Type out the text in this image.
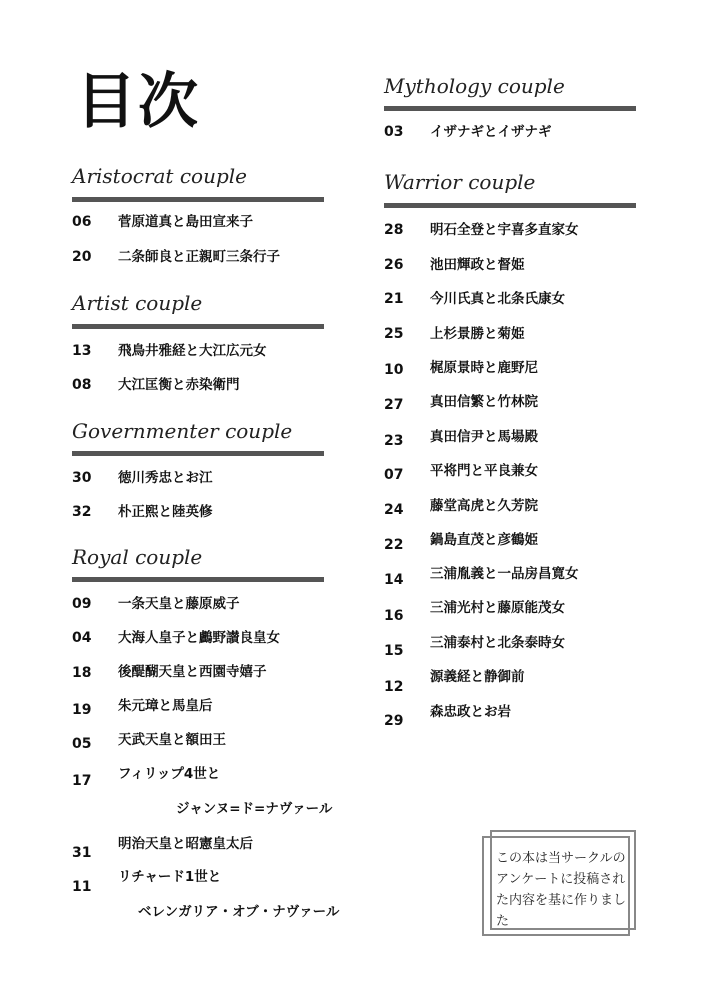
目次
Aristocrat couple
06 菅原道真と島田宣来子
20 二条師良と正親町三条行子
Artist couple
13 飛鳥井雅経と大江広元女
08 大江匡衡と赤染衛門
Governmenter couple
30 徳川秀忠とお江
32 朴正熙と陸英修
Royal couple
09 一条天皇と藤原威子
04 大海人皇子と鸕野讃良皇女
18 後醍醐天皇と西園寺嬉子
19 朱元璋と馬皇后
05 天武天皇と額田王
17 フィリップ4世と
ジャンヌ=ド=ナヴァール
31
明治天皇と昭憲皇太后
11
リチャード1世と
ベレンガリア・オブ・ナヴァール
Mythology couple
03 イザナギとイザナギ
Warrior couple
28 明石全登と宇喜多直家女
26 池田輝政と督姫
21 今川氏真と北条氏康女
25 上杉景勝と菊姫
10 梶原景時と鹿野尼
27 真田信繁と竹林院
23 真田信尹と馬場殿
07 平将門と平良兼女
24 藤堂高虎と久芳院
22 鍋島直茂と彦鶴姫
14 三浦胤義と一品房昌寛女
16 三浦光村と藤原能茂女
15 三浦泰村と北条泰時女
12
源義経と静御前
29
森忠政とお岩
この本は当サークルのアンケートに投稿された内容を基に作りました
